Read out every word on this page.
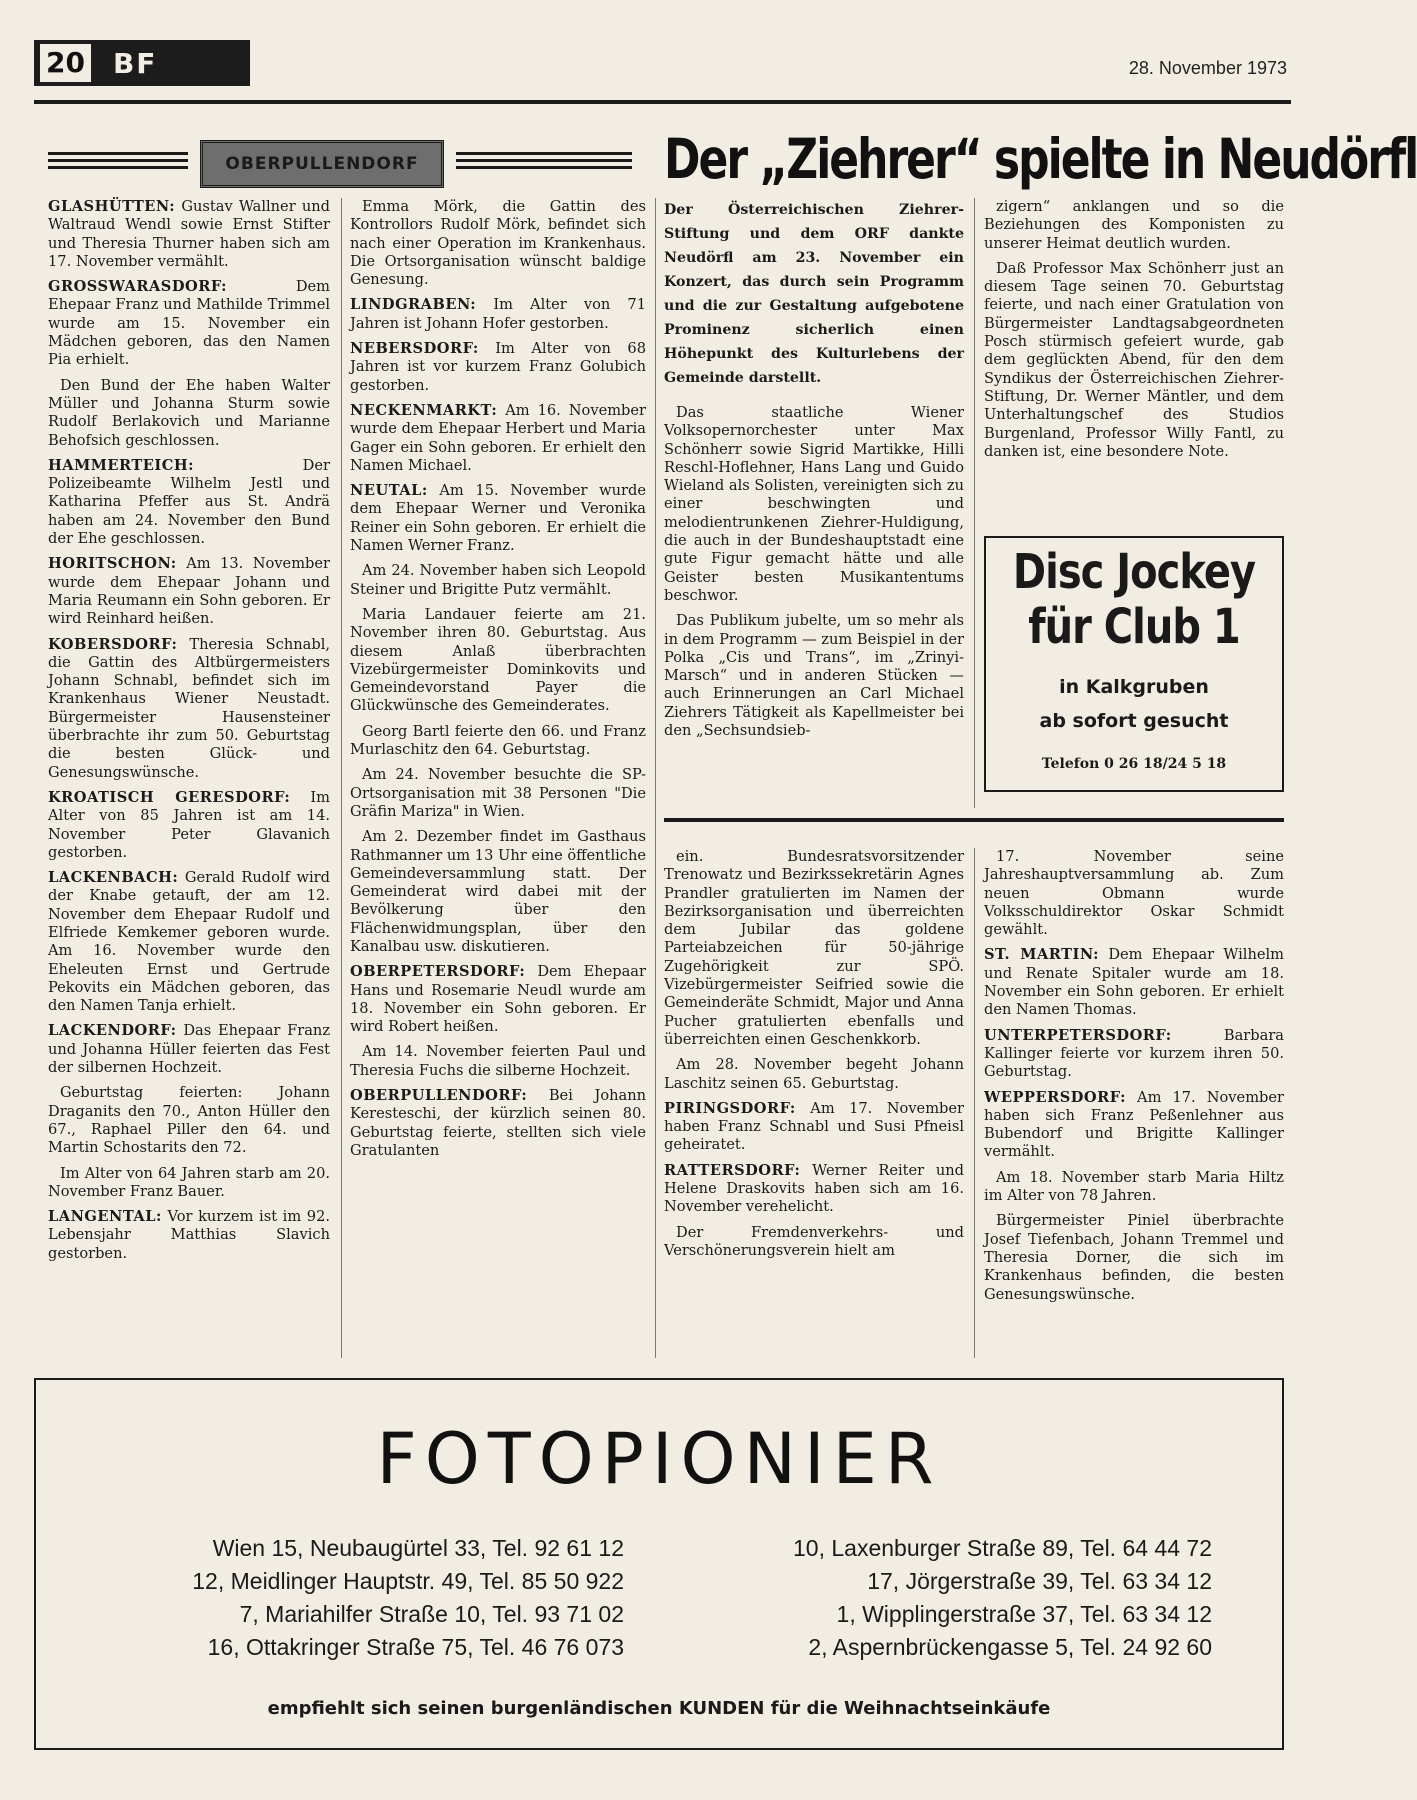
20 BF	28. November 1973
OBERPULLENDORF	Der „Ziehrer“ spielte in Neudörfl

GLASHÜTTEN: Gustav Wallner und Waltraud Wendl sowie Ernst Stifter und Theresia Thurner haben sich am 17. November vermählt.

GROSSWARASDORF:	Dem Ehepaar Franz und Mathilde Trimmel wurde am 15. November ein Mädchen geboren, das den Namen Pia erhielt.

Den Bund der Ehe haben Walter Müller und Johanna Sturm sowie Rudolf Berlakovich und Marianne Behofsich geschlossen.

HAMMERTEICH:	Der Polizeibeamte Wilhelm Jestl und Katharina Pfeffer aus St. Andrä haben am 24. November den Bund der Ehe geschlossen.

HORITSCHON: Am 13. November wurde dem Ehepaar Johann und Maria Reumann ein Sohn geboren. Er wird Reinhard heißen.

KOBERSDORF: Theresia Schnabl, die Gattin des Altbürgermeisters Johann Schnabl, befindet sich im Krankenhaus Wiener Neustadt. Bürgermeister Hausensteiner überbrachte ihr zum 50. Geburtstag die besten Glück- und Genesungswünsche.

KROATISCH GERESDORF: Im Alter von 85 Jahren ist am 14. November Peter Glavanich gestorben.

LACKENBACH: Gerald Rudolf wird der Knabe getauft, der am 12. November dem Ehepaar Rudolf und Elfriede Kemkemer geboren wurde. Am 16. November wurde den Eheleuten Ernst und Gertrude Pekovits ein Mädchen geboren, das den Namen Tanja erhielt.

LACKENDORF: Das Ehepaar Franz und Johanna Hüller feierten das Fest der silbernen Hochzeit.

Geburtstag feierten: Johann Draganits den 70., Anton Hüller den 67., Raphael Piller den 64. und Martin Schostarits den 72.

Im Alter von 64 Jahren starb am 20. November Franz Bauer.

LANGENTAL: Vor kurzem ist im 92. Lebensjahr Matthias Slavich gestorben.

Emma Mörk, die Gattin des Kontrollors Rudolf Mörk, befindet sich nach einer Operation im Krankenhaus. Die Ortsorganisation wünscht baldige Genesung.

LINDGRABEN: Im Alter von 71 Jahren ist Johann Hofer gestorben.

NEBERSDORF: Im Alter von 68 Jahren ist vor kurzem Franz Golubich gestorben.

NECKENMARKT: Am 16. November wurde dem Ehepaar Herbert und Maria Gager ein Sohn geboren. Er erhielt den Namen Michael.

NEUTAL: Am 15. November wurde dem Ehepaar Werner und Veronika Reiner ein Sohn geboren. Er erhielt die Namen Werner Franz.

Am 24. November haben sich Leopold Steiner und Brigitte Putz vermählt.

Maria Landauer feierte am 21. November ihren 80. Geburtstag. Aus diesem Anlaß überbrachten Vizebürgermeister Dominkovits und Gemeindevorstand Payer die Glückwünsche des Gemeinderates.

Georg Bartl feierte den 66. und Franz Murlaschitz den 64. Geburtstag.

Am 24. November besuchte die SP-Ortsorganisation mit 38 Personen "Die Gräfin Mariza" in Wien.

Am 2. Dezember findet im Gasthaus Rathmanner um 13 Uhr eine öffentliche Gemeindeversammlung statt. Der Gemeinderat wird dabei mit der Bevölkerung über den Flächenwidmungsplan, über den Kanalbau usw. diskutieren.

OBERPETERSDORF: Dem Ehepaar Hans und Rosemarie Neudl wurde am 18. November ein Sohn geboren. Er wird Robert heißen.

Am 14. November feierten Paul und Theresia Fuchs die silberne Hochzeit.

OBERPULLENDORF: Bei Johann Keresteschi, der kürzlich seinen 80. Geburtstag feierte, stellten sich viele Gratulanten

Der Österreichischen Ziehrer-Stiftung und dem ORF dankte Neudörfl am 23. November ein Konzert, das durch sein Programm und die zur Gestaltung aufgebotene Prominenz sicherlich einen Höhepunkt des Kulturlebens der Gemeinde darstellt.

Das staatliche Wiener Volksopernorchester unter Max Schönherr sowie Sigrid Martikke, Hilli Reschl-Hoflehner, Hans Lang und Guido Wieland als Solisten, vereinigten sich zu einer beschwingten und melodientrunkenen Ziehrer-Huldigung, die auch in der Bundeshauptstadt eine gute Figur gemacht hätte und alle Geister besten Musikantentums beschwor.

Das Publikum jubelte, um so mehr als in dem Programm — zum Beispiel in der Polka „Cis und Trans“, im „Zrinyi-Marsch“ und in anderen Stücken — auch Erinnerungen an Carl Michael Ziehrers Tätigkeit als Kapellmeister bei den „Sechsundsieb-

zigern“ anklangen und so die Beziehungen des Komponisten zu unserer Heimat deutlich wurden.

Daß Professor Max Schönherr just an diesem Tage seinen 70. Geburtstag feierte, und nach einer Gratulation von Bürgermeister Landtagsabgeordneten Posch stürmisch gefeiert wurde, gab dem geglückten Abend, für den dem Syndikus der Österreichischen Ziehrer-Stiftung, Dr. Werner Mäntler, und dem Unterhaltungschef des Studios Burgenland, Professor Willy Fantl, zu danken ist, eine besondere Note.

Disc Jockey
für Club 1
in Kalkgruben
ab sofort gesucht
Telefon 0 26 18/24 5 18

ein. Bundesratsvorsitzender Trenowatz und Bezirkssekretärin Agnes Prandler gratulierten im Namen der Bezirksorganisation und überreichten dem Jubilar das goldene Parteiabzeichen für 50-jährige Zugehörigkeit zur SPÖ. Vizebürgermeister Seifried sowie die Gemeinderäte Schmidt, Major und Anna Pucher gratulierten ebenfalls und überreichten einen Geschenkkorb.

Am 28. November begeht Johann Laschitz seinen 65. Geburtstag.

PIRINGSDORF: Am 17. November haben Franz Schnabl und Susi Pfneisl geheiratet.

RATTERSDORF: Werner Reiter und Helene Draskovits haben sich am 16. November verehelicht.

Der Fremdenverkehrs- und Verschönerungsverein hielt am

17. November seine Jahreshauptversammlung ab. Zum neuen Obmann wurde Volksschuldirektor Oskar Schmidt gewählt.

ST. MARTIN: Dem Ehepaar Wilhelm und Renate Spitaler wurde am 18. November ein Sohn geboren. Er erhielt den Namen Thomas.

UNTERPETERSDORF:	Barbara Kallinger feierte vor kurzem ihren 50. Geburtstag.

WEPPERSDORF: Am 17. November haben sich Franz Peßenlehner aus Bubendorf und Brigitte Kallinger vermählt.

Am 18. November starb Maria Hiltz im Alter von 78 Jahren.

Bürgermeister Piniel überbrachte Josef Tiefenbach, Johann Tremmel und Theresia Dorner, die sich im Krankenhaus befinden, die besten Genesungswünsche.

FOTOPIONIER
Wien 15, Neubaugürtel 33, Tel. 92 61 12
12, Meidlinger Hauptstr. 49, Tel. 85 50 922
7, Mariahilfer Straße 10, Tel. 93 71 02
16, Ottakringer Straße 75, Tel. 46 76 073
10, Laxenburger Straße 89, Tel. 64 44 72
17, Jörgerstraße 39, Tel. 63 34 12
1, Wipplingerstraße 37, Tel. 63 34 12
2, Aspernbrückengasse 5, Tel. 24 92 60
empfiehlt sich seinen burgenländischen KUNDEN für die Weihnachtseinkäufe
